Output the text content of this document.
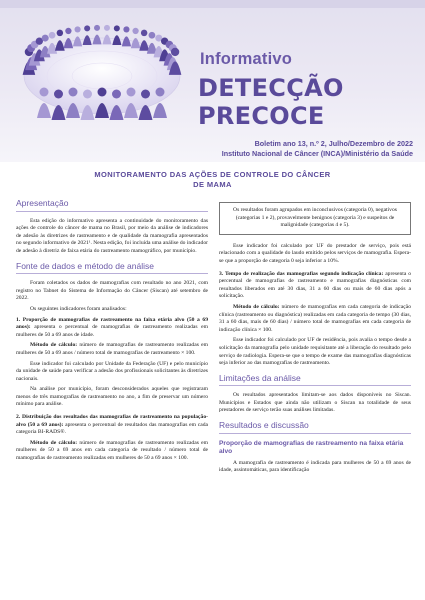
Informativo
DETECÇÃO PRECOCE
Boletim ano 13, n.º 2, Julho/Dezembro de 2022
Instituto Nacional de Câncer (INCA)/Ministério da Saúde
MONITORAMENTO DAS AÇÕES DE CONTROLE DO CÂNCER
DE MAMA
Apresentação

Esta edição do informativo apresenta a continuidade do monitoramento das ações de controle do câncer de mama no Brasil, por meio da análise de indicadores de adesão às diretrizes de rastreamento e de qualidade da mamografia apresentados no segundo informativo de 2021¹. Nesta edição, foi incluída uma análise do indicador de adesão à diretriz de faixa etária do rastreamento mamográfico, por município.

Fonte de dados e método de análise

Foram coletados os dados de mamografias com resultado no ano 2021, com registro no Tabnet do Sistema de Informação do Câncer (Siscan) até setembro de 2022.

Os seguintes indicadores foram analisados:

1. Proporção de mamografias de rastreamento na faixa etária alvo (50 a 69 anos): apresenta o percentual de mamografias de rastreamento realizadas em mulheres de 50 a 69 anos de idade.

Método de cálculo: número de mamografias de rastreamento realizadas em mulheres de 50 a 69 anos / número total de mamografias de rastreamento × 100.

Esse indicador foi calculado por Unidade da Federação (UF) e pelo município da unidade de saúde para verificar a adesão dos profissionais solicitantes às diretrizes nacionais.

Na análise por município, foram desconsiderados aqueles que registraram menos de três mamografias de rastreamento no ano, a fim de preservar um número mínimo para análise.

2. Distribuição dos resultados das mamografias de rastreamento na população-alvo (50 a 69 anos): apresenta o percentual de resultados das mamografias em cada categoria BI-RADS®.

Método de cálculo: número de mamografias de rastreamento realizadas em mulheres de 50 a 69 anos em cada categoria de resultado / número total de mamografias de rastreamento realizadas em mulheres de 50 a 69 anos × 100.

Os resultados foram agrupados em inconclusivos (categoria 0), negativos (categorias 1 e 2), provavelmente benignos (categoria 3) e suspeitos de malignidade (categorias 4 e 5).

Esse indicador foi calculado por UF do prestador de serviço, pois está relacionado com a qualidade do laudo emitido pelos serviços de mamografia. Espera-se que a proporção de categoria 0 seja inferior a 10%.

3. Tempo de realização das mamografias segundo indicação clínica: apresenta o percentual de mamografias de rastreamento e mamografias diagnósticas com resultados liberados em até 30 dias, 31 a 60 dias ou mais de 60 dias após a solicitação.

Método de cálculo: número de mamografias em cada categoria de indicação clínica (rastreamento ou diagnóstica) realizadas em cada categoria de tempo (30 dias, 31 a 60 dias, mais de 60 dias) / número total de mamografias em cada categoria de indicação clínica × 100.

Esse indicador foi calculado por UF de residência, pois avalia o tempo desde a solicitação da mamografia pelo unidade requisitante até a liberação do resultado pelo serviço de radiologia. Espera-se que o tempo de exame das mamografias diagnósticas seja inferior ao das mamografias de rastreamento.

Limitações da análise

Os resultados apresentados limitam-se aos dados disponíveis no Siscan. Municípios e Estados que ainda não utilizam o Siscan na totalidade de seus prestadores de serviço terão suas análises limitadas.

Resultados e discussão
Proporção de mamografias de rastreamento na faixa etária alvo

A mamografia de rastreamento é indicada para mulheres de 50 a 69 anos de idade, assintomáticas, para identificação
